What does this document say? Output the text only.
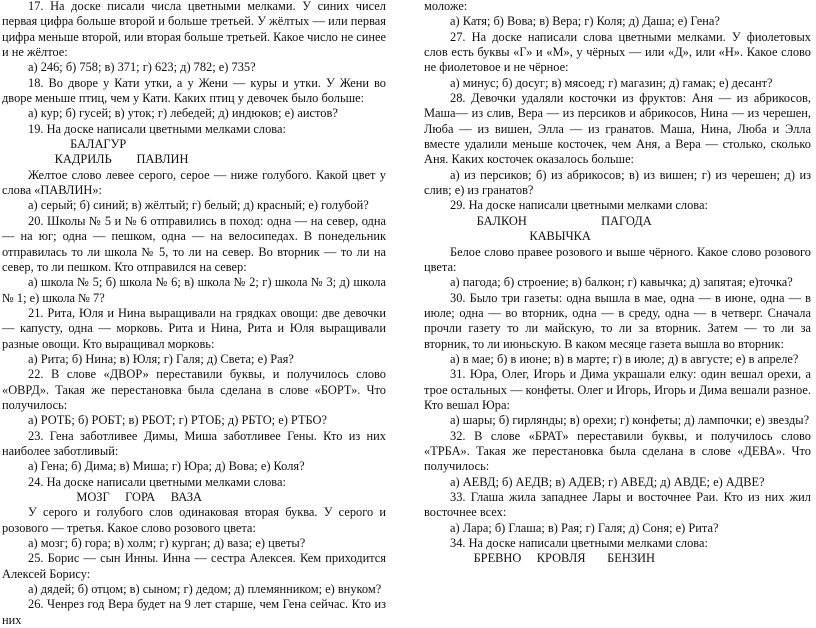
17. На доске писали числа цветными мелками. У синих чисел первая цифра больше второй и больше третьей. У жёлтых — или первая цифра меньше второй, или вторая больше третьей. Какое число не синее и не жёлтое:

а) 246; б) 758; в) 371; г) 623; д) 782; е) 735?

18. Во дворе у Кати утки, а у Жени — куры и утки. У Жени во дворе меньше птиц, чем у Кати. Каких птиц у девочек было больше:

а) кур; б) гусей; в) уток; г) лебедей; д) индюков; е) аистов?

19. На доске написали цветными мелками слова:

БАЛАГУР

КАДРИЛЬ        ПАВЛИН

Желтое слово левее серого, серое — ниже голубого. Какой цвет у слова «ПАВЛИН»:

а) серый; б) синий; в) жёлтый; г) белый; д) красный; е) голубой?

20. Школы № 5 и № 6 отправились в поход: одна — на север, одна — на юг; одна — пешком, одна — на велосипедах. В понедельник отправилась то ли школа № 5, то ли на север. Во вторник — то ли на север, то ли пешком. Кто отправился на север:

а) школа № 5; б) школа № 6; в) школа № 2; г) школа № 3; д) школа № 1; е) школа № 7?

21. Рита, Юля и Нина выращивали на грядках овощи: две девочки — капусту, одна — морковь. Рита и Нина, Рита и Юля выращивали разные овощи. Кто выращивал морковь:

а) Рита; б) Нина; в) Юля; г) Галя; д) Света; е) Рая?

22. В слове «ДВОР» переставили буквы, и получилось слово «ОВРД». Такая же перестановка была сделана в слове «БОРТ». Что получилось:

а) РОТБ; б) РОБТ; в) РБОТ; г) РТОБ; д) РБТО; е) РТБО?

23. Гена заботливее Димы, Миша заботливее Гены. Кто из них наиболее заботливый:

а) Гена; б) Дима; в) Миша; г) Юра; д) Вова; е) Коля?

24. На доске написали цветными мелками слова:

МОЗГ     ГОРА     ВАЗА

У серого и голубого слов одинаковая вторая буква. У серого и розового — третья. Какое слово розового цвета:

а) мозг; б) гора; в) холм; г) курган; д) ваза; е) цветы?

25. Борис — сын Инны. Инна — сестра Алексея. Кем приходится Алексей Борису:

а) дядей; б) отцом; в) сыном; г) дедом; д) племянником; е) внуком?

26. Ченрез год Вера будет на 9 лет старше, чем Гена сейчас. Кто из них

моложе:

а) Катя; б) Вова; в) Вера; г) Коля; д) Даша; е) Гена?

27. На доске написали слова цветными мелками. У фиолетовых слов есть буквы «Г» и «М», у чёрных — или «Д», или «Н». Какое слово не фиолетовое и не чёрное:

а) минус; б) досуг; в) мясоед; г) магазин; д) гамак; е) десант?

28. Девочки удаляли косточки из фруктов: Аня — из абрикосов, Маша— из слив, Вера — из персиков и абрикосов, Нина — из черешен, Люба — из вишен, Элла — из гранатов. Маша, Нина, Люба и Элла вместе удалили меньше косточек, чем Аня, а Вера — столько, сколько Аня. Каких косточек оказалось больше:

а) из персиков; б) из абрикосов; в) из вишен; г) из черешен; д) из слив; е) из гранатов?

29. На доске написали цветными мелками слова:

БАЛКОН                        ПАГОДА

КАВЫЧКА

Белое слово правее розового и выше чёрного. Какое слово розового цвета:

а) пагода; б) строение; в) балкон; г) кавычка; д) запятая; е)точка?

30. Было три газеты: одна вышла в мае, одна — в июне, одна — в июле; одна — во вторник, одна — в среду, одна — в четверг. Сначала прочли газету то ли майскую, то ли за вторник. Затем — то ли за вторник, то ли июньскую. В каком месяце газета вышла во вторник:

а) в мае; б) в июне; в) в марте; г) в июле; д) в августе; е) в апреле?

31. Юра, Олег, Игорь и Дима украшали елку: один вешал орехи, а трое остальных — конфеты. Олег и Игорь, Игорь и Дима вешали разное. Кто вешал Юра:

а) шары; б) гирлянды; в) орехи; г) конфеты; д) лампочки; е) звезды?

32. В слове «БРАТ» переставили буквы, и получилось слово «ТРБА». Такая же перестановка была сделана в слове «ДЕВА». Что получилось:

а) АЕВД; б) АЕДВ; в) АДЕВ; г) АВЕД; д) АВДЕ; е) АДВЕ?

33. Глаша жила западнее Лары и восточнее Раи. Кто из них жил восточнее всех:

а) Лара; б) Глаша; в) Рая; г) Галя; д) Соня; е) Рита?

34. На доске написали цветными мелками слова:

БРЕВНО     КРОВЛЯ       БЕНЗИН
